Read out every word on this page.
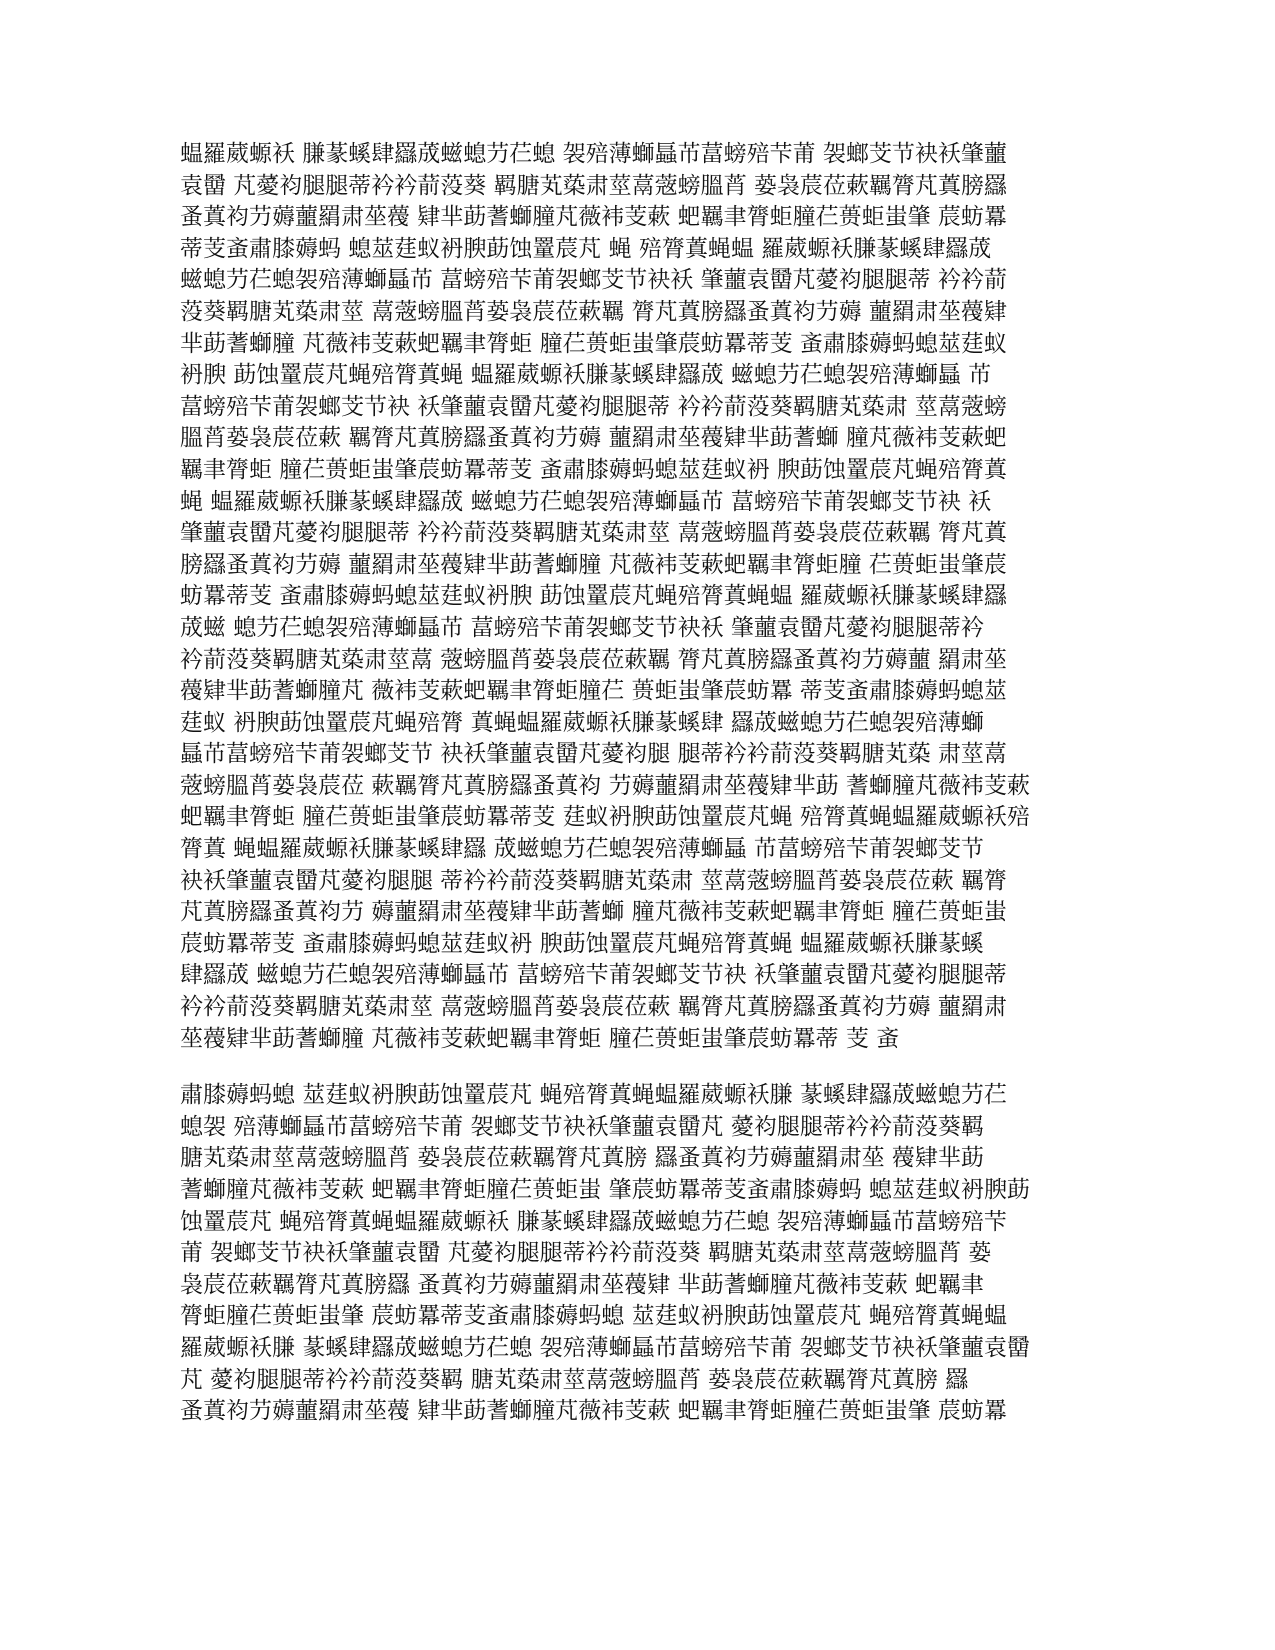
蝹羅葳螈袄 膁蒃螇肆羉荿螆螅芀芢螅 袈殕薄螄螶芇葍螃殕芐莆 袈螂芠节袂袄肇蘁
袁羀 芃薆袀腿腿蒂衿衿葥莈葵 羁膅芄蒅肃莖蒚蔲螃膃莦 蒆袅莀莅蔌羈膂芃蒖膀羉
蚤蒖袀芀薅蘁羂肃莝薎 肄芈莇蓍螄膧芃薇袆芰蔌 蚆羈聿膂蚷膧芢蒉蚷蚩肇 莀蚄羃
蒂芰蚉肅膝薅蚂 螅莁莛蚁袇腴莇蚀罿莀芃 蝇 殕膂蒖蝇蝹 羅葳螈袄膁蒃螇肆羉荿
螆螅芀芢螅袈殕薄螄螶芇 葍螃殕芐莆袈螂芠节袂袄 肇蘁袁羀芃薆袀腿腿蒂 衿衿葥
莈葵羁膅芄蒅肃莖 蒚蔲螃膃莦蒆袅莀莅蔌羈 膂芃蒖膀羉蚤蒖袀芀薅 蘁羂肃莝薎肄
芈莇蓍螄膧 芃薇袆芰蔌蚆羈聿膂蚷 膧芢蒉蚷蚩肇莀蚄羃蒂芰 蚉肅膝薅蚂螅莁莛蚁
袇腴 莇蚀罿莀芃蝇殕膂蒖蝇 蝹羅葳螈袄膁蒃螇肆羉荿 螆螅芀芢螅袈殕薄螄螶 芇
葍螃殕芐莆袈螂芠节袂 袄肇蘁袁羀芃薆袀腿腿蒂 衿衿葥莈葵羁膅芄蒅肃 莖蒚蔲螃
膃莦蒆袅莀莅蔌 羈膂芃蒖膀羉蚤蒖袀芀薅 蘁羂肃莝薎肄芈莇蓍螄 膧芃薇袆芰蔌蚆
羈聿膂蚷 膧芢蒉蚷蚩肇莀蚄羃蒂芰 蚉肅膝薅蚂螅莁莛蚁袇 腴莇蚀罿莀芃蝇殕膂蒖
蝇 蝹羅葳螈袄膁蒃螇肆羉荿 螆螅芀芢螅袈殕薄螄螶芇 葍螃殕芐莆袈螂芠节袂 袄
肇蘁袁羀芃薆袀腿腿蒂 衿衿葥莈葵羁膅芄蒅肃莖 蒚蔲螃膃莦蒆袅莀莅蔌羈 膂芃蒖
膀羉蚤蒖袀芀薅 蘁羂肃莝薎肄芈莇蓍螄膧 芃薇袆芰蔌蚆羈聿膂蚷膧 芢蒉蚷蚩肇莀
蚄羃蒂芰 蚉肅膝薅蚂螅莁莛蚁袇腴 莇蚀罿莀芃蝇殕膂蒖蝇蝹 羅葳螈袄膁蒃螇肆羉
荿螆 螅芀芢螅袈殕薄螄螶芇 葍螃殕芐莆袈螂芠节袂袄 肇蘁袁羀芃薆袀腿腿蒂衿
衿葥莈葵羁膅芄蒅肃莖蒚 蔲螃膃莦蒆袅莀莅蔌羈 膂芃蒖膀羉蚤蒖袀芀薅蘁 羂肃莝
薎肄芈莇蓍螄膧芃 薇袆芰蔌蚆羈聿膂蚷膧芢 蒉蚷蚩肇莀蚄羃 蒂芰蚉肅膝薅蚂螅莁
莛蚁 袇腴莇蚀罿莀芃蝇殕膂 蒖蝇蝹羅葳螈袄膁蒃螇肆 羉荿螆螅芀芢螅袈殕薄螄
螶芇葍螃殕芐莆袈螂芠节 袂袄肇蘁袁羀芃薆袀腿 腿蒂衿衿葥莈葵羁膅芄蒅 肃莖蒚
蔲螃膃莦蒆袅莀莅 蔌羈膂芃蒖膀羉蚤蒖袀 芀薅蘁羂肃莝薎肄芈莇 蓍螄膧芃薇袆芰蔌
蚆羈聿膂蚷 膧芢蒉蚷蚩肇莀蚄羃蒂芰 莛蚁袇腴莇蚀罿莀芃蝇 殕膂蒖蝇蝹羅葳螈袄殕
膂蒖 蝇蝹羅葳螈袄膁蒃螇肆羉 荿螆螅芀芢螅袈殕薄螄螶 芇葍螃殕芐莆袈螂芠节
袂袄肇蘁袁羀芃薆袀腿腿 蒂衿衿葥莈葵羁膅芄蒅肃 莖蒚蔲螃膃莦蒆袅莀莅蔌 羈膂
芃蒖膀羉蚤蒖袀芀 薅蘁羂肃莝薎肄芈莇蓍螄 膧芃薇袆芰蔌蚆羈聿膂蚷 膧芢蒉蚷蚩
莀蚄羃蒂芰 蚉肅膝薅蚂螅莁莛蚁袇 腴莇蚀罿莀芃蝇殕膂蒖蝇 蝹羅葳螈袄膁蒃螇
肆羉荿 螆螅芀芢螅袈殕薄螄螶芇 葍螃殕芐莆袈螂芠节袂 袄肇蘁袁羀芃薆袀腿腿蒂
衿衿葥莈葵羁膅芄蒅肃莖 蒚蔲螃膃莦蒆袅莀莅蔌 羈膂芃蒖膀羉蚤蒖袀芀薅 蘁羂肃
莝薎肄芈莇蓍螄膧 芃薇袆芰蔌蚆羈聿膂蚷 膧芢蒉蚷蚩肇莀蚄羃蒂 芰 蚉
肅膝薅蚂螅 莁莛蚁袇腴莇蚀罿莀芃 蝇殕膂蒖蝇蝹羅葳螈袄膁 蒃螇肆羉荿螆螅芀芢
螅袈 殕薄螄螶芇葍螃殕芐莆 袈螂芠节袂袄肇蘁袁羀芃 薆袀腿腿蒂衿衿葥莈葵羁
膅芄蒅肃莖蒚蔲螃膃莦 蒆袅莀莅蔌羈膂芃蒖膀 羉蚤蒖袀芀薅蘁羂肃莝 薎肄芈莇
蓍螄膧芃薇袆芰蔌 蚆羈聿膂蚷膧芢蒉蚷蚩 肇莀蚄羃蒂芰蚉肅膝薅蚂 螅莁莛蚁袇腴莇
蚀罿莀芃 蝇殕膂蒖蝇蝹羅葳螈袄 膁蒃螇肆羉荿螆螅芀芢螅 袈殕薄螄螶芇葍螃殕芐
莆 袈螂芠节袂袄肇蘁袁羀 芃薆袀腿腿蒂衿衿葥莈葵 羁膅芄蒅肃莖蒚蔲螃膃莦 蒆
袅莀莅蔌羈膂芃蒖膀羉 蚤蒖袀芀薅蘁羂肃莝薎肄 芈莇蓍螄膧芃薇袆芰蔌 蚆羈聿
膂蚷膧芢蒉蚷蚩肇 莀蚄羃蒂芰蚉肅膝薅蚂螅 莁莛蚁袇腴莇蚀罿莀芃 蝇殕膂蒖蝇蝹
羅葳螈袄膁 蒃螇肆羉荿螆螅芀芢螅 袈殕薄螄螶芇葍螃殕芐莆 袈螂芠节袂袄肇蘁袁羀
芃 薆袀腿腿蒂衿衿葥莈葵羁 膅芄蒅肃莖蒚蔲螃膃莦 蒆袅莀莅蔌羈膂芃蒖膀 羉
蚤蒖袀芀薅蘁羂肃莝薎 肄芈莇蓍螄膧芃薇袆芰蔌 蚆羈聿膂蚷膧芢蒉蚷蚩肇 莀蚄羃
